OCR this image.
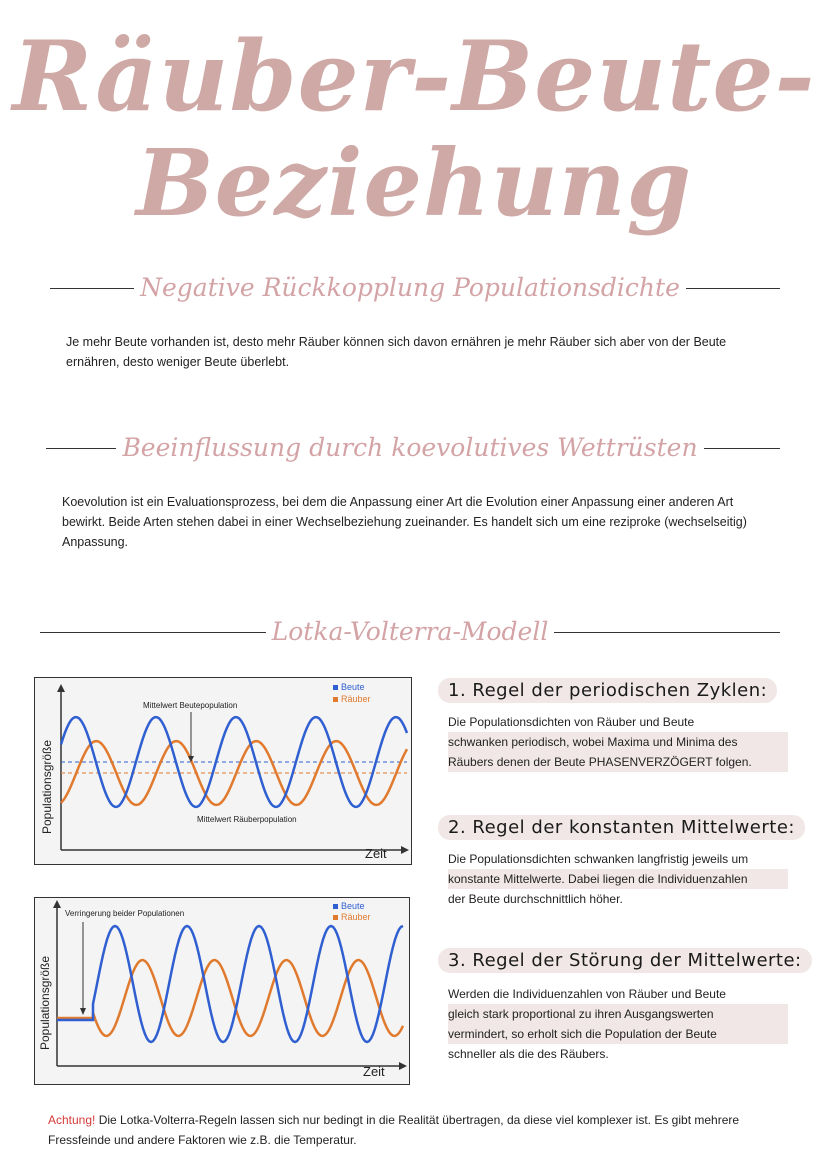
Räuber-Beute-
Beziehung
Negative Rückkopplung Populationsdichte
Je mehr Beute vorhanden ist, desto mehr Räuber können sich davon ernähren je mehr Räuber sich aber von der Beute ernähren, desto weniger Beute überlebt.
Beeinflussung durch koevolutives Wettrüsten
Koevolution ist ein Evaluationsprozess, bei dem die Anpassung einer Art die Evolution einer Anpassung einer anderen Art bewirkt. Beide Arten stehen dabei in einer Wechselbeziehung zueinander. Es handelt sich um eine reziproke (wechselseitig) Anpassung.
Lotka-Volterra-Modell
Mittelwert Beutepopulation
Mittelwert Räuberpopulation
Beute
Räuber
Zeit
Populationsgröße
Verringerung beider Populationen
Beute
Räuber
Zeit
Populationsgröße
1. Regel der periodischen Zyklen:
Die Populationsdichten von Räuber und Beute
schwanken periodisch, wobei Maxima und Minima des
Räubers denen der Beute PHASENVERZÖGERT folgen.
2. Regel der konstanten Mittelwerte:
Die Populationsdichten schwanken langfristig jeweils um
konstante Mittelwerte. Dabei liegen die Individuenzahlen
der Beute durchschnittlich höher.
3. Regel der Störung der Mittelwerte:
Werden die Individuenzahlen von Räuber und Beute
gleich stark proportional zu ihren Ausgangswerten
vermindert, so erholt sich die Population der Beute
schneller als die des Räubers.
Achtung! Die Lotka-Volterra-Regeln lassen sich nur bedingt in die Realität übertragen, da diese viel komplexer ist. Es gibt mehrere Fressfeinde und andere Faktoren wie z.B. die Temperatur.
